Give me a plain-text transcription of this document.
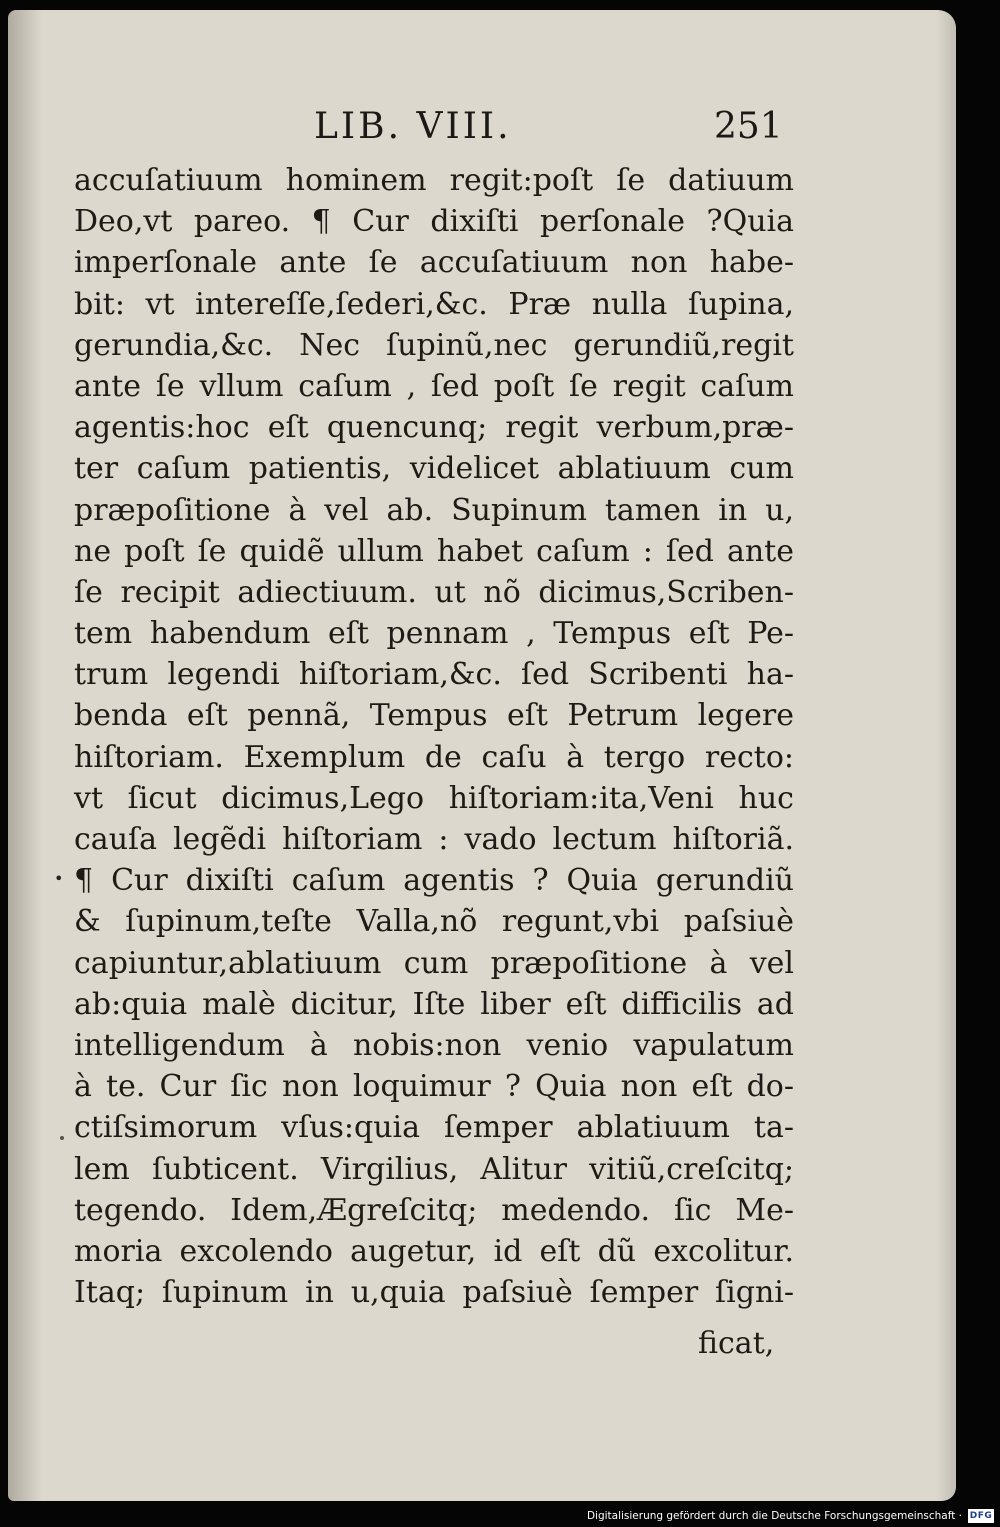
LIB. VIII.	251
accuſatiuum hominem regit:poſt ſe datiuum
Deo,vt pareo. ¶ Cur dixiſti perſonale ?Quia
imperſonale ante ſe accuſatiuum non habe-
bit: vt intereſſe,ſederi,&c. Præ nulla ſupina,
gerundia,&c. Nec ſupinũ,nec gerundiũ,regit
ante ſe vllum caſum , ſed poſt ſe regit caſum
agentis:hoc eſt quencunq; regit verbum,præ-
ter caſum patientis, videlicet ablatiuum cum
præpoſitione à vel ab. Supinum tamen in u,
ne poſt ſe quidẽ ullum habet caſum : ſed ante
ſe recipit adiectiuum. ut nõ dicimus,Scriben-
tem habendum eſt pennam , Tempus eſt Pe-
trum legendi hiſtoriam,&c. ſed Scribenti ha-
benda eſt pennã, Tempus eſt Petrum legere
hiſtoriam. Exemplum de caſu à tergo recto:
vt ſicut dicimus,Lego hiſtoriam:ita,Veni huc
cauſa legẽdi hiſtoriam : vado lectum hiſtoriã.
¶ Cur dixiſti caſum agentis ? Quia gerundiũ
& ſupinum,teſte Valla,nõ regunt,vbi paſsiuè
capiuntur,ablatiuum cum præpoſitione à vel
ab:quia malè dicitur, Iſte liber eſt difficilis ad
intelligendum à nobis:non venio vapulatum
à te. Cur ſic non loquimur ? Quia non eſt do-
ctiſsimorum vſus:quia ſemper ablatiuum ta-
lem ſubticent. Virgilius, Alitur vitiũ,creſcitq;
tegendo. Idem,Ægreſcitq; medendo. ſic Me-
moria excolendo augetur, id eſt dũ excolitur.
Itaq; ſupinum in u,quia paſsiuè ſemper ſigni-
ficat,
•
Digitalisierung gefördert durch die Deutsche Forschungsgemeinschaft · DFG
